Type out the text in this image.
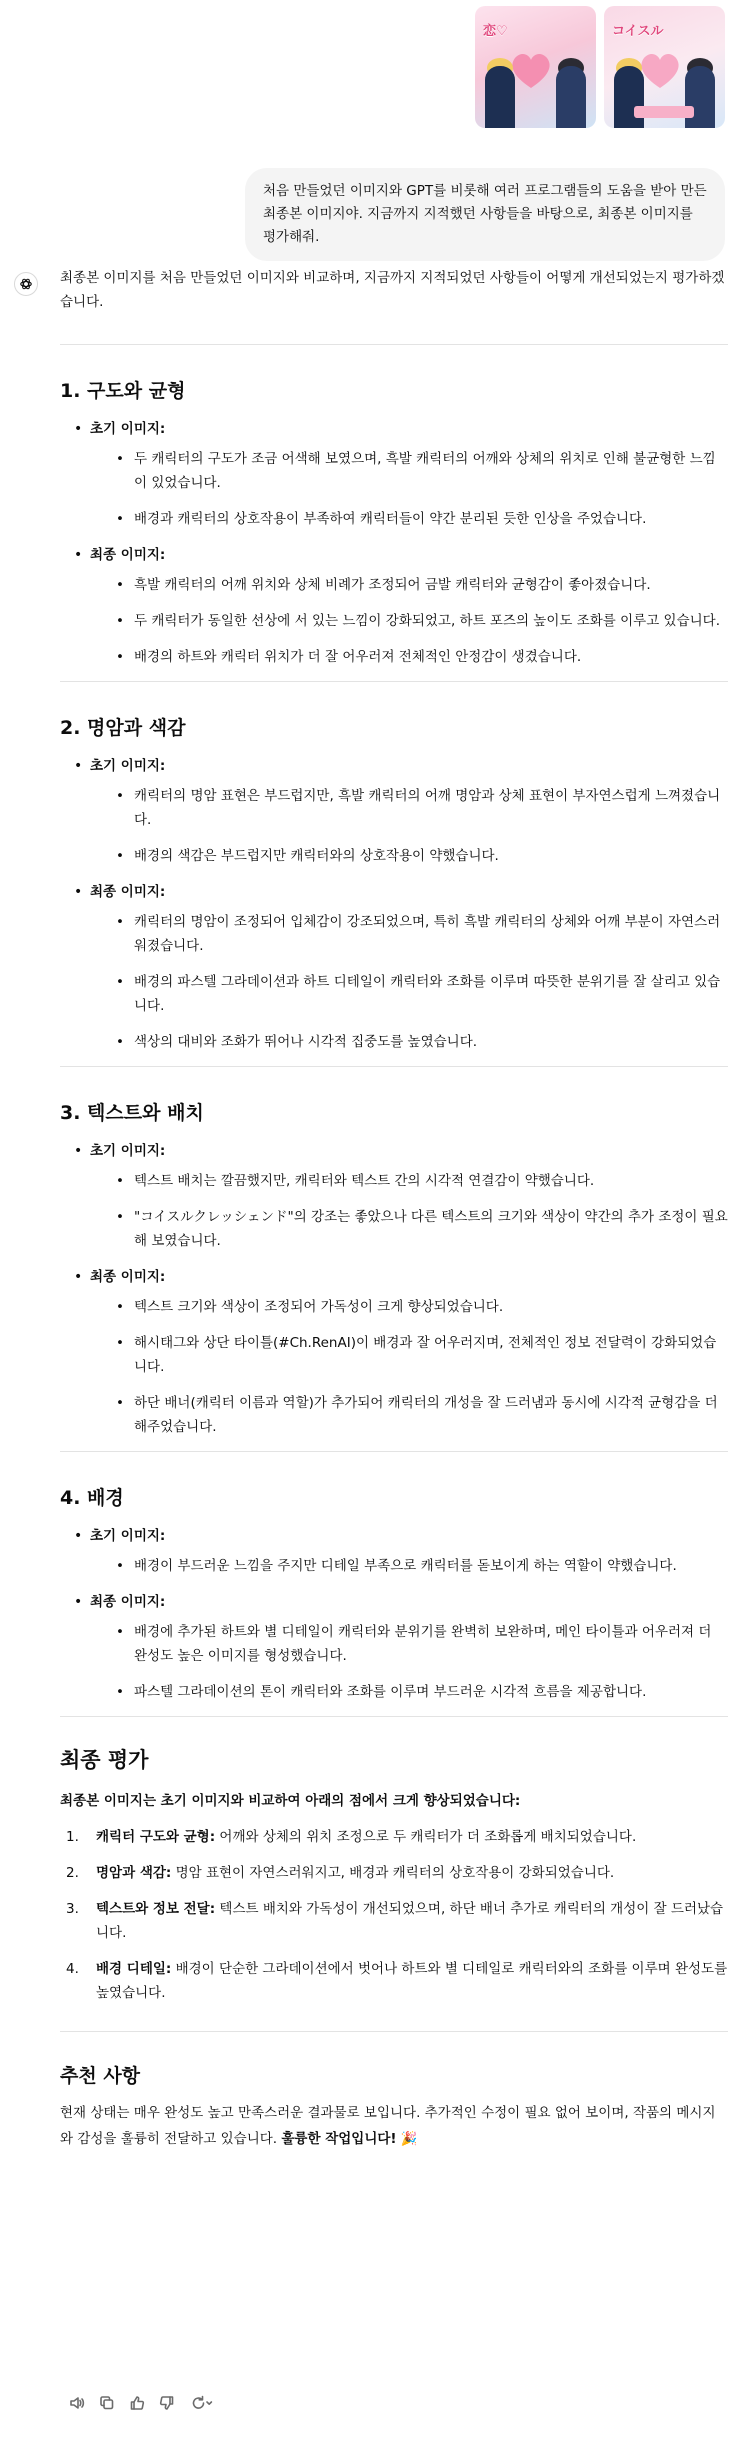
恋♡	コイスル
처음 만들었던 이미지와 GPT를 비롯해 여러 프로그램들의 도움을 받아 만든 최종본 이미지야. 지금까지 지적했던 사항들을 바탕으로, 최종본 이미지를 평가해줘.

최종본 이미지를 처음 만들었던 이미지와 비교하며, 지금까지 지적되었던 사항들이 어떻게 개선되었는지 평가하겠습니다.

1. 구도와 균형
• 초기 이미지:
• 두 캐릭터의 구도가 조금 어색해 보였으며, 흑발 캐릭터의 어깨와 상체의 위치로 인해 불균형한 느낌이 있었습니다.
• 배경과 캐릭터의 상호작용이 부족하여 캐릭터들이 약간 분리된 듯한 인상을 주었습니다.
• 최종 이미지:
• 흑발 캐릭터의 어깨 위치와 상체 비례가 조정되어 금발 캐릭터와 균형감이 좋아졌습니다.
• 두 캐릭터가 동일한 선상에 서 있는 느낌이 강화되었고, 하트 포즈의 높이도 조화를 이루고 있습니다.
• 배경의 하트와 캐릭터 위치가 더 잘 어우러져 전체적인 안정감이 생겼습니다.
2. 명암과 색감
• 초기 이미지:
• 캐릭터의 명암 표현은 부드럽지만, 흑발 캐릭터의 어깨 명암과 상체 표현이 부자연스럽게 느껴졌습니다.
• 배경의 색감은 부드럽지만 캐릭터와의 상호작용이 약했습니다.
• 최종 이미지:
• 캐릭터의 명암이 조정되어 입체감이 강조되었으며, 특히 흑발 캐릭터의 상체와 어깨 부분이 자연스러워졌습니다.
• 배경의 파스텔 그라데이션과 하트 디테일이 캐릭터와 조화를 이루며 따뜻한 분위기를 잘 살리고 있습니다.
• 색상의 대비와 조화가 뛰어나 시각적 집중도를 높였습니다.
3. 텍스트와 배치
• 초기 이미지:
• 텍스트 배치는 깔끔했지만, 캐릭터와 텍스트 간의 시각적 연결감이 약했습니다.
• "コイスルクレッシェンド"의 강조는 좋았으나 다른 텍스트의 크기와 색상이 약간의 추가 조정이 필요해 보였습니다.
• 최종 이미지:
• 텍스트 크기와 색상이 조정되어 가독성이 크게 향상되었습니다.
• 해시태그와 상단 타이틀(#Ch.RenAI)이 배경과 잘 어우러지며, 전체적인 정보 전달력이 강화되었습니다.
• 하단 배너(캐릭터 이름과 역할)가 추가되어 캐릭터의 개성을 잘 드러냄과 동시에 시각적 균형감을 더해주었습니다.
4. 배경
• 초기 이미지:
• 배경이 부드러운 느낌을 주지만 디테일 부족으로 캐릭터를 돋보이게 하는 역할이 약했습니다.
• 최종 이미지:
• 배경에 추가된 하트와 별 디테일이 캐릭터와 분위기를 완벽히 보완하며, 메인 타이틀과 어우러져 더 완성도 높은 이미지를 형성했습니다.
• 파스텔 그라데이션의 톤이 캐릭터와 조화를 이루며 부드러운 시각적 흐름을 제공합니다.
최종 평가

최종본 이미지는 초기 이미지와 비교하여 아래의 점에서 크게 향상되었습니다:

1.	캐릭터 구도와 균형: 어깨와 상체의 위치 조정으로 두 캐릭터가 더 조화롭게 배치되었습니다.
2.	명암과 색감: 명암 표현이 자연스러워지고, 배경과 캐릭터의 상호작용이 강화되었습니다.
3.	텍스트와 정보 전달: 텍스트 배치와 가독성이 개선되었으며, 하단 배너 추가로 캐릭터의 개성이 잘 드러났습니다.
4.	배경 디테일: 배경이 단순한 그라데이션에서 벗어나 하트와 별 디테일로 캐릭터와의 조화를 이루며 완성도를 높였습니다.
추천 사항

현재 상태는 매우 완성도 높고 만족스러운 결과물로 보입니다. 추가적인 수정이 필요 없어 보이며, 작품의 메시지와 감성을 훌륭히 전달하고 있습니다. 훌륭한 작업입니다! 🎉
